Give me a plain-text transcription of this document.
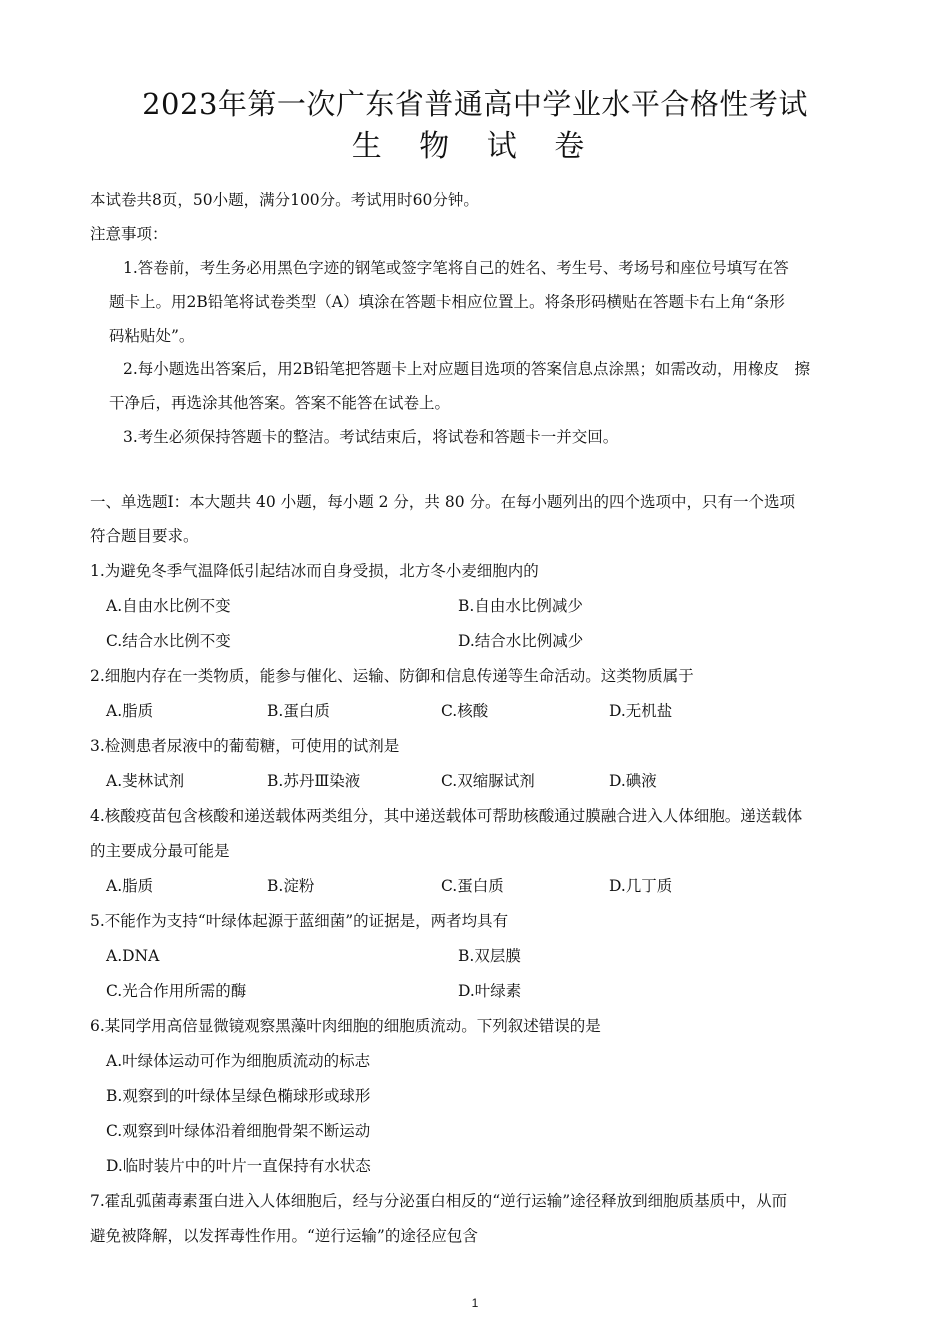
2023年第一次广东省普通高中学业水平合格性考试
生 物 试 卷
本试卷共8页，50小题，满分100分。考试用时60分钟。
注意事项：
1.答卷前，考生务必用黑色字迹的钢笔或签字笔将自己的姓名、考生号、考场号和座位号填写在答
题卡上。用2B铅笔将试卷类型（A）填涂在答题卡相应位置上。将条形码横贴在答题卡右上角“条形
码粘贴处”。
2.每小题选出答案后，用2B铅笔把答题卡上对应题目选项的答案信息点涂黑；如需改动，用橡皮　擦
干净后，再选涂其他答案。答案不能答在试卷上。
3.考生必须保持答题卡的整洁。考试结束后，将试卷和答题卡一并交回。
一、单选题Ⅰ：本大题共 40 小题，每小题 2 分，共 80 分。在每小题列出的四个选项中，只有一个选项
符合题目要求。
1.为避免冬季气温降低引起结冰而自身受损，北方冬小麦细胞内的
A.自由水比例不变	B.自由水比例减少
C.结合水比例不变	D.结合水比例减少
2.细胞内存在一类物质，能参与催化、运输、防御和信息传递等生命活动。这类物质属于
A.脂质	B.蛋白质	C.核酸	D.无机盐
3.检测患者尿液中的葡萄糖，可使用的试剂是
A.斐林试剂	B.苏丹Ⅲ染液	C.双缩脲试剂	D.碘液
4.核酸疫苗包含核酸和递送载体两类组分，其中递送载体可帮助核酸通过膜融合进入人体细胞。递送载体
的主要成分最可能是
A.脂质	B.淀粉	C.蛋白质	D.几丁质
5.不能作为支持“叶绿体起源于蓝细菌”的证据是，两者均具有
A.DNA	B.双层膜
C.光合作用所需的酶	D.叶绿素
6.某同学用高倍显微镜观察黑藻叶肉细胞的细胞质流动。下列叙述错误的是
A.叶绿体运动可作为细胞质流动的标志
B.观察到的叶绿体呈绿色椭球形或球形
C.观察到叶绿体沿着细胞骨架不断运动
D.临时装片中的叶片一直保持有水状态
7.霍乱弧菌毒素蛋白进入人体细胞后，经与分泌蛋白相反的“逆行运输”途径释放到细胞质基质中，从而
避免被降解，以发挥毒性作用。“逆行运输”的途径应包含
1
